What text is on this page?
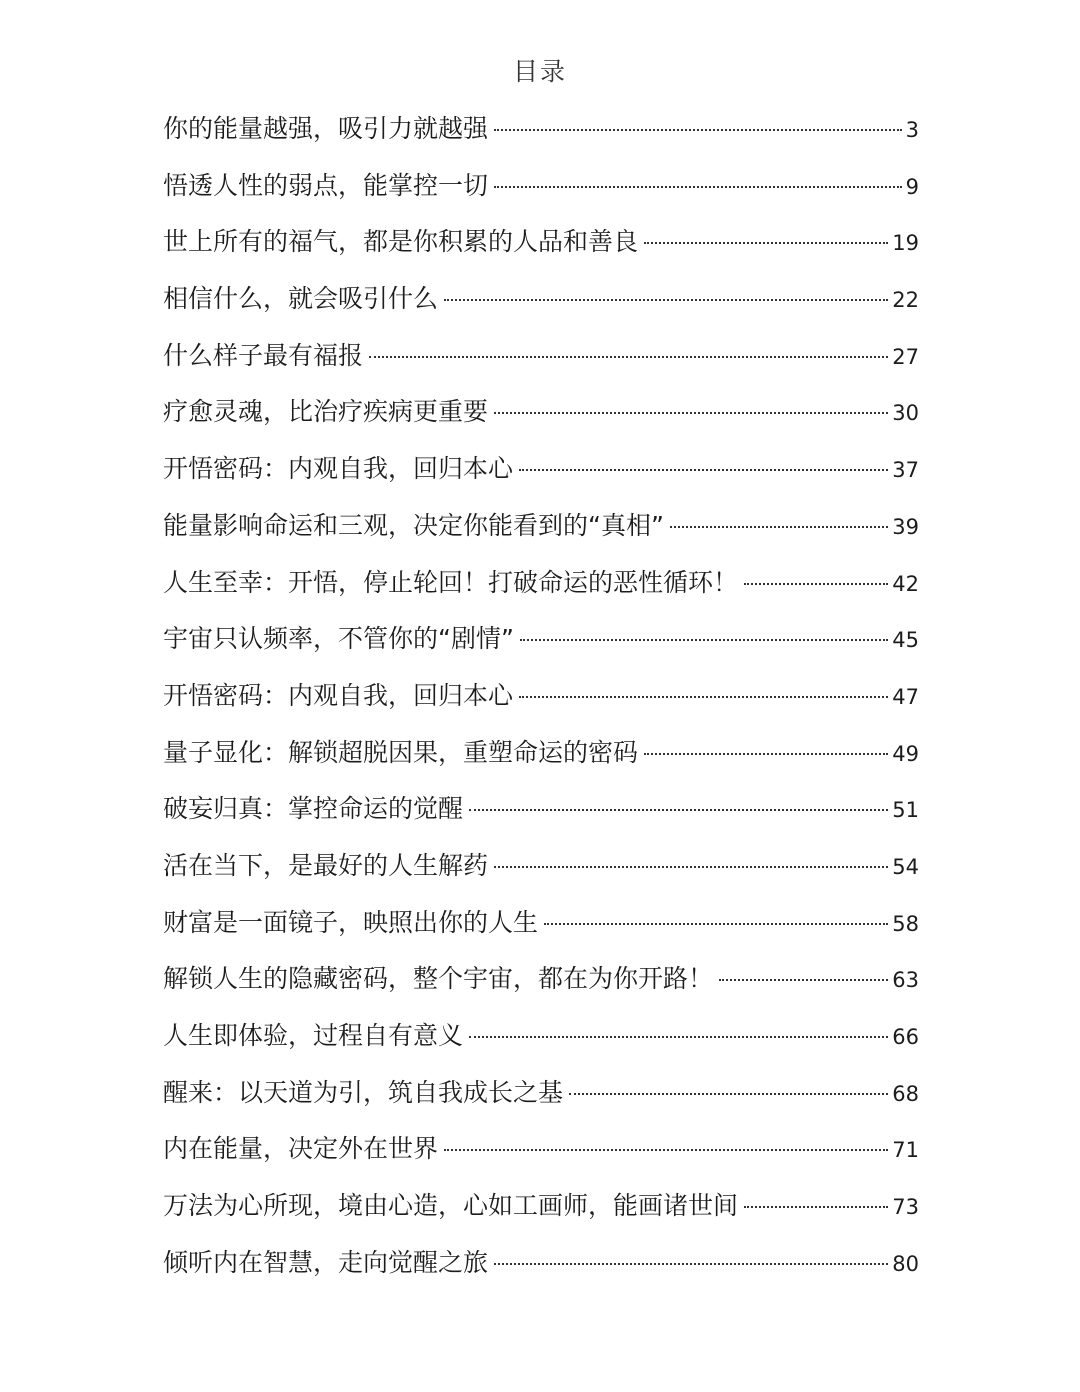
目录
你的能量越强，吸引力就越强	3
悟透人性的弱点，能掌控一切	9
世上所有的福气，都是你积累的人品和善良	19
相信什么，就会吸引什么	22
什么样子最有福报	27
疗愈灵魂，比治疗疾病更重要	30
开悟密码：内观自我，回归本心	37
能量影响命运和三观，决定你能看到的“真相”	39
人生至幸：开悟，停止轮回！打破命运的恶性循环！	42
宇宙只认频率，不管你的“剧情”	45
开悟密码：内观自我，回归本心	47
量子显化：解锁超脱因果，重塑命运的密码	49
破妄归真：掌控命运的觉醒	51
活在当下，是最好的人生解药	54
财富是一面镜子，映照出你的人生	58
解锁人生的隐藏密码，整个宇宙，都在为你开路！	63
人生即体验，过程自有意义	66
醒来：以天道为引，筑自我成长之基	68
内在能量，决定外在世界	71
万法为心所现，境由心造，心如工画师，能画诸世间	73
倾听内在智慧，走向觉醒之旅	80
